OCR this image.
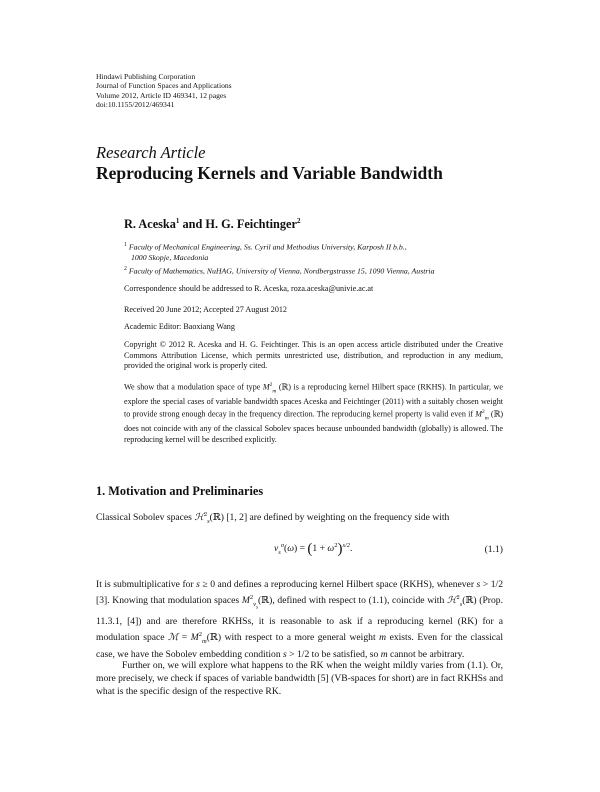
Hindawi Publishing Corporation
Journal of Function Spaces and Applications
Volume 2012, Article ID 469341, 12 pages
doi:10.1155/2012/469341
Research Article
Reproducing Kernels and Variable Bandwidth
R. Aceska$^1$ and H. G. Feichtinger$^2$
$^1$ Faculty of Mechanical Engineering, Ss. Cyril and Methodius University, Karposh II b.b.,
1000 Skopje, Macedonia
$^2$ Faculty of Mathematics, NuHAG, University of Vienna, Nordbergstrasse 15, 1090 Vienna, Austria
Correspondence should be addressed to R. Aceska, roza.aceska@univie.ac.at
Received 20 June 2012; Accepted 27 August 2012
Academic Editor: Baoxiang Wang
Copyright © 2012 R. Aceska and H. G. Feichtinger. This is an open access article distributed under the Creative Commons Attribution License, which permits unrestricted use, distribution, and reproduction in any medium, provided the original work is properly cited.
We show that a modulation space of type $M^2_m$ (ℝ) is a reproducing kernel Hilbert space (RKHS). In particular, we explore the special cases of variable bandwidth spaces Aceska and Feichtinger (2011) with a suitably chosen weight to provide strong enough decay in the frequency direction. The reproducing kernel property is valid even if $M^2_m$ (ℝ) does not coincide with any of the classical Sobolev spaces because unbounded bandwidth (globally) is allowed. The reproducing kernel will be described explicitly.
1. Motivation and Preliminaries
Classical Sobolev spaces ℋ$^2_s$(ℝ) [1, 2] are defined by weighting on the frequency side with
$v_s^\sigma(\omega) = (1 + \omega^2)^{s/2}$.	(1.1)
It is submultiplicative for s ≥ 0 and defines a reproducing kernel Hilbert space (RKHS), whenever s > 1/2 [3]. Knowing that modulation spaces $M^2_{v_s}(ℝ)$, defined with respect to (1.1), coincide with ℋ$^2_s$(ℝ) (Prop. 11.3.1, [4]) and are therefore RKHSs, it is reasonable to ask if a reproducing kernel (RK) for a modulation space ℳ = $M^2_m(ℝ)$ with respect to a more general weight m exists. Even for the classical case, we have the Sobolev embedding condition s > 1/2 to be satisfied, so m cannot be arbitrary.
Further on, we will explore what happens to the RK when the weight mildly varies from (1.1). Or, more precisely, we check if spaces of variable bandwidth [5] (VB-spaces for short) are in fact RKHSs and what is the specific design of the respective RK.
